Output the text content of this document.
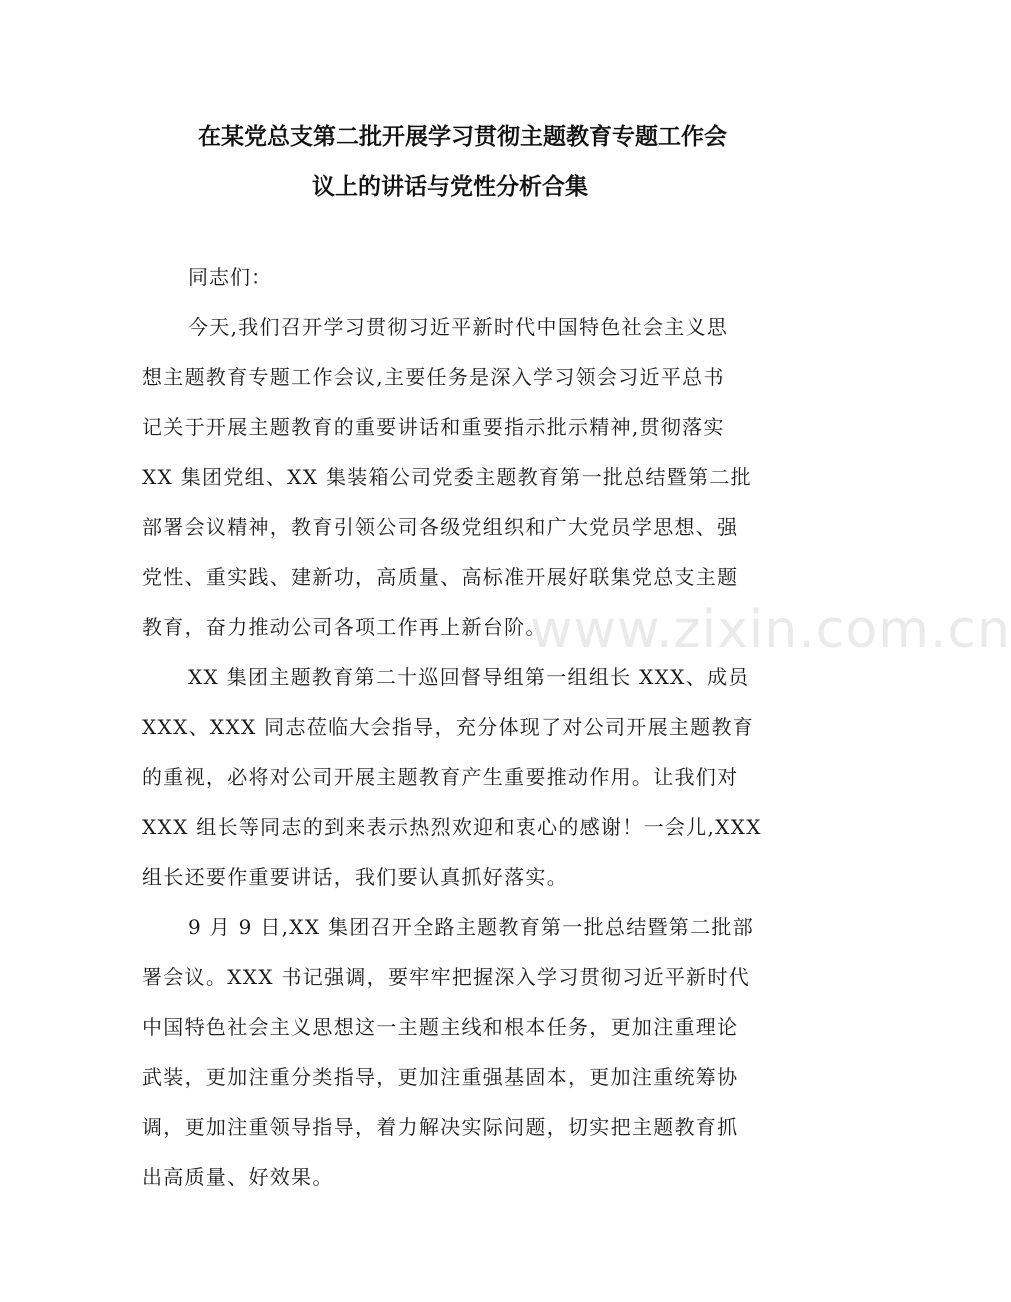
在某党总支第二批开展学习贯彻主题教育专题工作会
议上的讲话与党性分析合集

同志们：

今天,我们召开学习贯彻习近平新时代中国特色社会主义思
想主题教育专题工作会议,主要任务是深入学习领会习近平总书
记关于开展主题教育的重要讲话和重要指示批示精神,贯彻落实
XX 集团党组、XX 集装箱公司党委主题教育第一批总结暨第二批
部署会议精神，教育引领公司各级党组织和广大党员学思想、强
党性、重实践、建新功，高质量、高标准开展好联集党总支主题
教育，奋力推动公司各项工作再上新台阶。

XX 集团主题教育第二十巡回督导组第一组组长 XXX、成员
XXX、XXX 同志莅临大会指导，充分体现了对公司开展主题教育
的重视，必将对公司开展主题教育产生重要推动作用。让我们对
XXX 组长等同志的到来表示热烈欢迎和衷心的感谢！一会儿,XXX
组长还要作重要讲话，我们要认真抓好落实。

9 月 9 日,XX 集团召开全路主题教育第一批总结暨第二批部
署会议。XXX 书记强调，要牢牢把握深入学习贯彻习近平新时代
中国特色社会主义思想这一主题主线和根本任务，更加注重理论
武装，更加注重分类指导，更加注重强基固本，更加注重统筹协
调，更加注重领导指导，着力解决实际问题，切实把主题教育抓
出高质量、好效果。

www.zixin.com.cn
